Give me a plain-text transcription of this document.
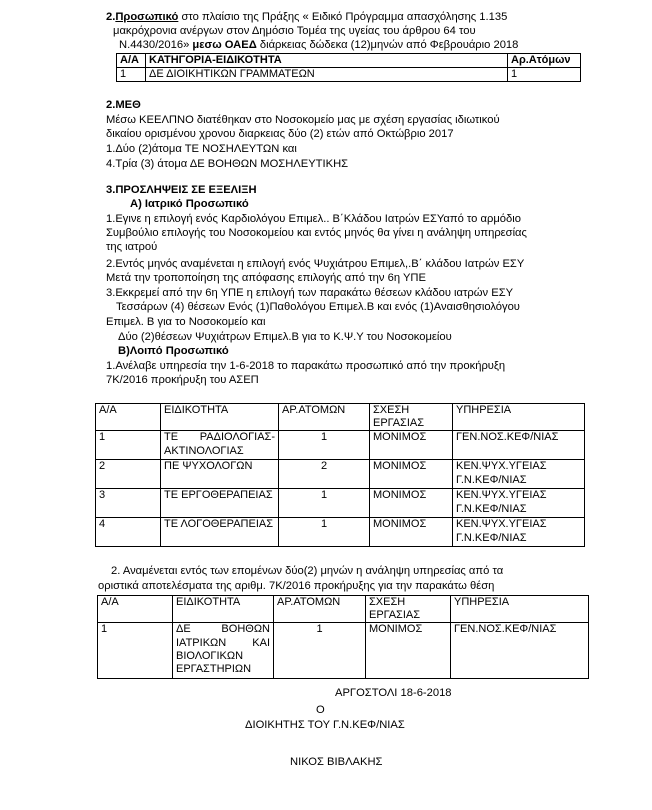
2.Προσωπικό στο πλαίσιο της Πράξης « Ειδικό Πρόγραμμα απασχόλησης 1.135
μακρόχρονια ανέργων στον Δημόσιο Τομέα της υγείας του άρθρου 64 του
Ν.4430/2016» μεσω ΟΑΕΔ διάρκειας δώδεκα (12)μηνών από Φεβρουάριο 2018
Α/Α	ΚΑΤΗΓΟΡΙΑ-ΕΙΔΙΚΟΤΗΤΑ	Αρ.Ατόμων
1	ΔΕ ΔΙΟΙΚΗΤΙΚΩΝ ΓΡΑΜΜΑΤΕΩΝ	1
2.ΜΕΘ
Μέσω ΚΕΕΛΠΝΟ διατέθηκαν στο Νοσοκομείο μας με σχέση εργασίας ιδιωτικού
δικαίου ορισμένου χρονου διαρκειας δύο (2) ετών από Οκτώβριο 2017
1.Δύο (2)άτομα ΤΕ ΝΟΣΗΛΕΥΤΩΝ και
4.Τρία (3) άτομα ΔΕ ΒΟΗΘΩΝ ΜΟΣΗΛΕΥΤΙΚΗΣ
3.ΠΡΟΣΛΗΨΕΙΣ ΣΕ ΕΞΕΛΙΞΗ
Α) Ιατρικό Προσωπικό
1.Εγινε η επιλογή ενός Καρδιολόγου Επιμελ.. Β΄Κλάδου Ιατρών ΕΣΥαπό το αρμόδιο
Συμβούλιο επιλογής του Νοσοκομείου και εντός μηνός θα γίνει η ανάληψη υπηρεσίας
της ιατρού
2.Εντός μηνός αναμένεται η επιλογή ενός Ψυχιάτρου Επιμελ,.Β΄ κλάδου Ιατρών ΕΣΥ
Μετά την τροποποίηση της απόφασης επιλογής από την 6η ΥΠΕ
3.Εκκρεμεί από την 6η ΥΠΕ η επιλογή των παρακάτω θέσεων κλάδου ιατρών ΕΣΥ
Τεσσάρων (4) θέσεων Ενός (1)Παθολόγου Επιμελ.Β και ενός (1)Αναισθησιολόγου
Επιμελ. Β για το Νοσοκομείο και
Δύο (2)θέσεων Ψυχιάτρων Επιμελ.Β για το Κ.Ψ.Υ του Νοσοκομείου
Β)Λοιπό Προσωπικό
1.Ανέλαβε υπηρεσία την 1-6-2018 το παρακάτω προσωπικό από την προκήρυξη
7Κ/2016 προκήρυξη του ΑΣΕΠ
Α/Α	ΕΙΔΙΚΟΤΗΤΑ	ΑΡ.ΑΤΟΜΩΝ	ΣΧΕΣΗ ΕΡΓΑΣΙΑΣ	ΥΠΗΡΕΣΙΑ
1	ΤΕ ΡΑΔΙΟΛΟΓΙΑΣ-ΑΚΤΙΝΟΛΟΓΙΑΣ	1	ΜΟΝΙΜΟΣ	ΓΕΝ.ΝΟΣ.ΚΕΦ/ΝΙΑΣ
2	ΠΕ ΨΥΧΟΛΟΓΩΝ	2	ΜΟΝΙΜΟΣ	ΚΕΝ.ΨΥΧ.ΥΓΕΙΑΣ Γ.Ν.ΚΕΦ/ΝΙΑΣ
3	ΤΕ ΕΡΓΟΘΕΡΑΠΕΙΑΣ	1	ΜΟΝΙΜΟΣ	ΚΕΝ.ΨΥΧ.ΥΓΕΙΑΣ Γ.Ν.ΚΕΦ/ΝΙΑΣ
4	ΤΕ ΛΟΓΟΘΕΡΑΠΕΙΑΣ	1	ΜΟΝΙΜΟΣ	ΚΕΝ.ΨΥΧ.ΥΓΕΙΑΣ Γ.Ν.ΚΕΦ/ΝΙΑΣ
2. Αναμένεται εντός των επομένων δύο(2) μηνών η ανάληψη υπηρεσίας από τα
οριστικά αποτελέσματα της αριθμ. 7Κ/2016 προκήρυξης για την παρακάτω θέση
Α/Α	ΕΙΔΙΚΟΤΗΤΑ	ΑΡ.ΑΤΟΜΩΝ	ΣΧΕΣΗ ΕΡΓΑΣΙΑΣ	ΥΠΗΡΕΣΙΑ
1	ΔΕ ΒΟΗΘΩΝ ΙΑΤΡΙΚΩΝ ΚΑΙ ΒΙΟΛΟΓΙΚΩΝ ΕΡΓΑΣΤΗΡΙΩΝ	1	ΜΟΝΙΜΟΣ	ΓΕΝ.ΝΟΣ.ΚΕΦ/ΝΙΑΣ
ΑΡΓΟΣΤΟΛΙ 18-6-2018
Ο
ΔΙΟΙΚΗΤΗΣ ΤΟΥ Γ.Ν.ΚΕΦ/ΝΙΑΣ
ΝΙΚΟΣ ΒΙΒΛΑΚΗΣ
